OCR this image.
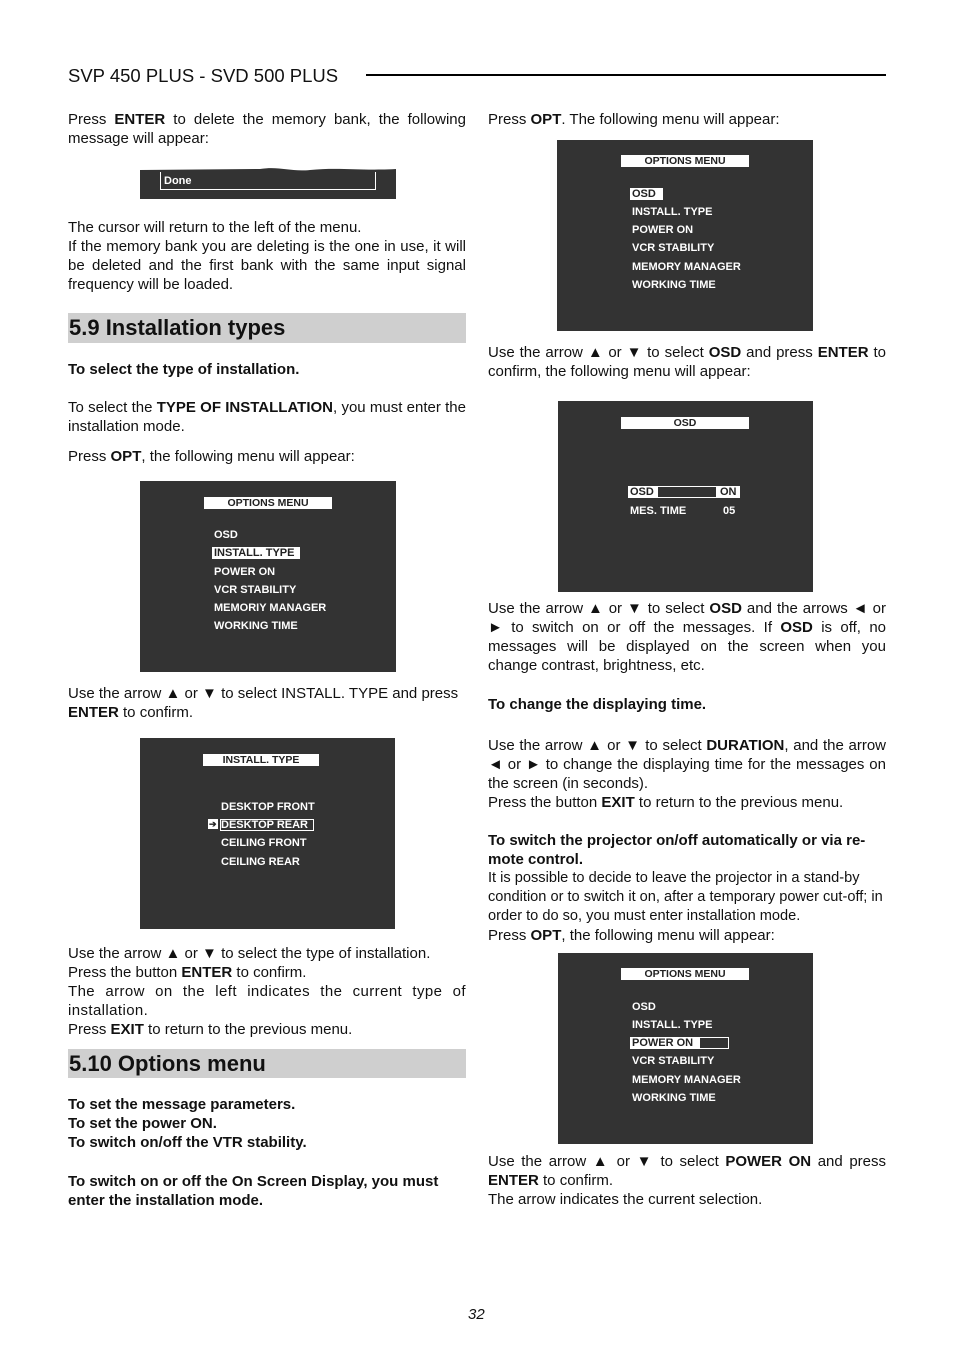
SVP 450 PLUS - SVD 500 PLUS

Press ENTER to delete the memory bank, the following message will appear:

Done

The cursor will return to the left of the menu.

If the memory bank you are deleting is the one in use, it will be deleted and the first bank with the same input signal frequency will be loaded.

5.9 Installation types

To select the type of installation.

To select the TYPE OF INSTALLATION, you must enter the installation mode.

Press OPT, the following menu will appear:

OPTIONS MENU
OSD
INSTALL. TYPE
POWER ON
VCR STABILITY
MEMORIY MANAGER
WORKING TIME

Use the arrow ▲ or ▼ to select INSTALL. TYPE and press ENTER to confirm.

INSTALL. TYPE
DESKTOP FRONT
➔ DESKTOP REAR
CEILING FRONT
CEILING REAR

Use the arrow ▲ or ▼ to select the type of installation.

Press the button ENTER to confirm.

The arrow on the left indicates the current type of installation.

Press EXIT to return to the previous menu.

5.10 Options menu

To set the message parameters.

To set the power ON.

To switch on/off the VTR stability.

To switch on or off the On Screen Display, you must enter the installation mode.

Press OPT. The following menu will appear:

OPTIONS MENU
OSD
INSTALL. TYPE
POWER ON
VCR STABILITY
MEMORY MANAGER
WORKING TIME

Use the arrow ▲ or ▼ to select OSD and press ENTER to confirm, the following menu will appear:

OSD
OSD	ON
MES. TIME	05

Use the arrow ▲ or ▼ to select OSD and the arrows ◄ or ► to switch on or off the messages. If OSD is off, no messages will be displayed on the screen when you change contrast, brightness, etc.

To change the displaying time.

Use the arrow ▲ or ▼ to select DURATION, and the arrow ◄ or ► to change the displaying time for the messages on the screen (in seconds).

Press the button EXIT to return to the previous menu.

To switch the projector on/off automatically or via re-mote control.

It is possible to decide to leave the projector in a stand-by condition or to switch it on, after a temporary power cut-off; in order to do so, you must enter installation mode.

Press OPT, the following menu will appear:

OPTIONS MENU
OSD
INSTALL. TYPE
POWER ON
VCR STABILITY
MEMORY MANAGER
WORKING TIME

Use the arrow ▲ or ▼ to select POWER ON and press ENTER to confirm.

The arrow indicates the current selection.

32
